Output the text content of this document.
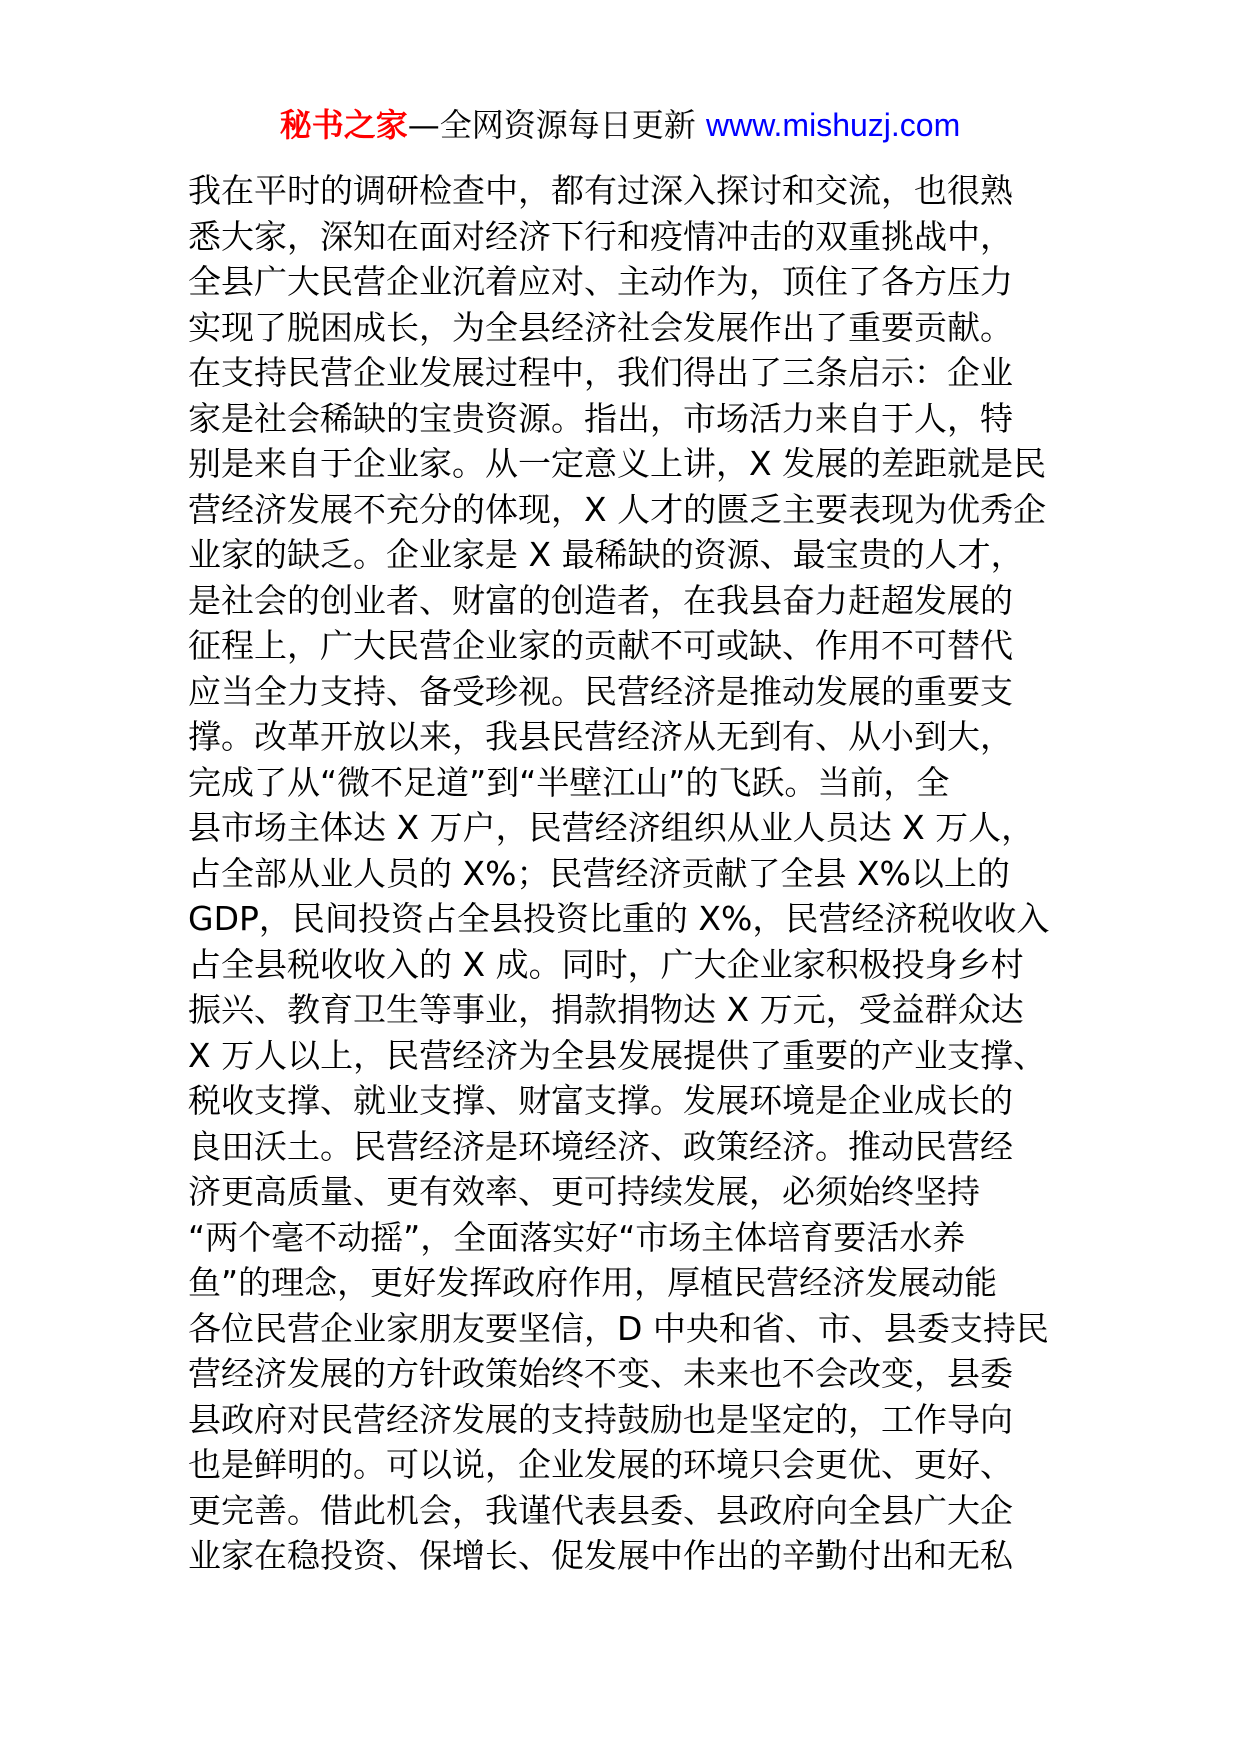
秘书之家—全网资源每日更新 www.mishuzj.com
我在平时的调研检查中，都有过深入探讨和交流，也很熟
悉大家，深知在面对经济下行和疫情冲击的双重挑战中，
全县广大民营企业沉着应对、主动作为，顶住了各方压力
实现了脱困成长，为全县经济社会发展作出了重要贡献。
在支持民营企业发展过程中，我们得出了三条启示：企业
家是社会稀缺的宝贵资源。指出，市场活力来自于人，特
别是来自于企业家。从一定意义上讲，X 发展的差距就是民
营经济发展不充分的体现，X 人才的匮乏主要表现为优秀企
业家的缺乏。企业家是 X 最稀缺的资源、最宝贵的人才，
是社会的创业者、财富的创造者，在我县奋力赶超发展的
征程上，广大民营企业家的贡献不可或缺、作用不可替代
应当全力支持、备受珍视。民营经济是推动发展的重要支
撑。改革开放以来，我县民营经济从无到有、从小到大，
完成了从“微不足道”到“半壁江山”的飞跃。当前，全
县市场主体达 X 万户，民营经济组织从业人员达 X 万人，
占全部从业人员的 X%；民营经济贡献了全县 X%以上的
GDP，民间投资占全县投资比重的 X%，民营经济税收收入
占全县税收收入的 X 成。同时，广大企业家积极投身乡村
振兴、教育卫生等事业，捐款捐物达 X 万元，受益群众达
X 万人以上，民营经济为全县发展提供了重要的产业支撑、
税收支撑、就业支撑、财富支撑。发展环境是企业成长的
良田沃土。民营经济是环境经济、政策经济。推动民营经
济更高质量、更有效率、更可持续发展，必须始终坚持
“两个毫不动摇”，全面落实好“市场主体培育要活水养
鱼”的理念，更好发挥政府作用，厚植民营经济发展动能
各位民营企业家朋友要坚信，D 中央和省、市、县委支持民
营经济发展的方针政策始终不变、未来也不会改变，县委
县政府对民营经济发展的支持鼓励也是坚定的，工作导向
也是鲜明的。可以说，企业发展的环境只会更优、更好、
更完善。借此机会，我谨代表县委、县政府向全县广大企
业家在稳投资、保增长、促发展中作出的辛勤付出和无私
